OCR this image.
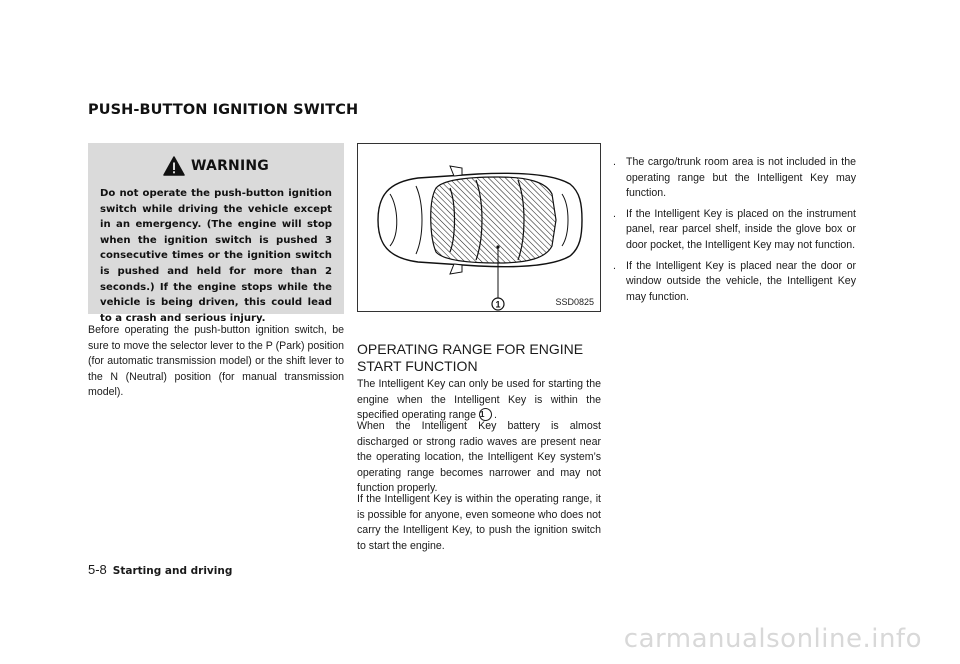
PUSH-BUTTON IGNITION SWITCH
WARNING

Do not operate the push-button ignition switch while driving the vehicle except in an emergency. (The engine will stop when the ignition switch is pushed 3 consecutive times or the ignition switch is pushed and held for more than 2 seconds.) If the engine stops while the vehicle is being driven, this could lead to a crash and serious injury.

Before operating the push-button ignition switch, be sure to move the selector lever to the P (Park) position (for automatic transmission model) or the shift lever to the N (Neutral) position (for manual transmission model).

1	SSD0825
OPERATING RANGE FOR ENGINE START FUNCTION

The Intelligent Key can only be used for starting the engine when the Intelligent Key is within the specified operating range 1 .

When the Intelligent Key battery is almost discharged or strong radio waves are present near the operating location, the Intelligent Key system’s operating range becomes narrower and may not function properly.

If the Intelligent Key is within the operating range, it is possible for anyone, even someone who does not carry the Intelligent Key, to push the ignition switch to start the engine.

. The cargo/trunk room area is not included in the operating range but the Intelligent Key may function.
. If the Intelligent Key is placed on the instrument panel, rear parcel shelf, inside the glove box or door pocket, the Intelligent Key may not function.
. If the Intelligent Key is placed near the door or window outside the vehicle, the Intelligent Key may function.
5-8 Starting and driving
carmanualsonline.info
